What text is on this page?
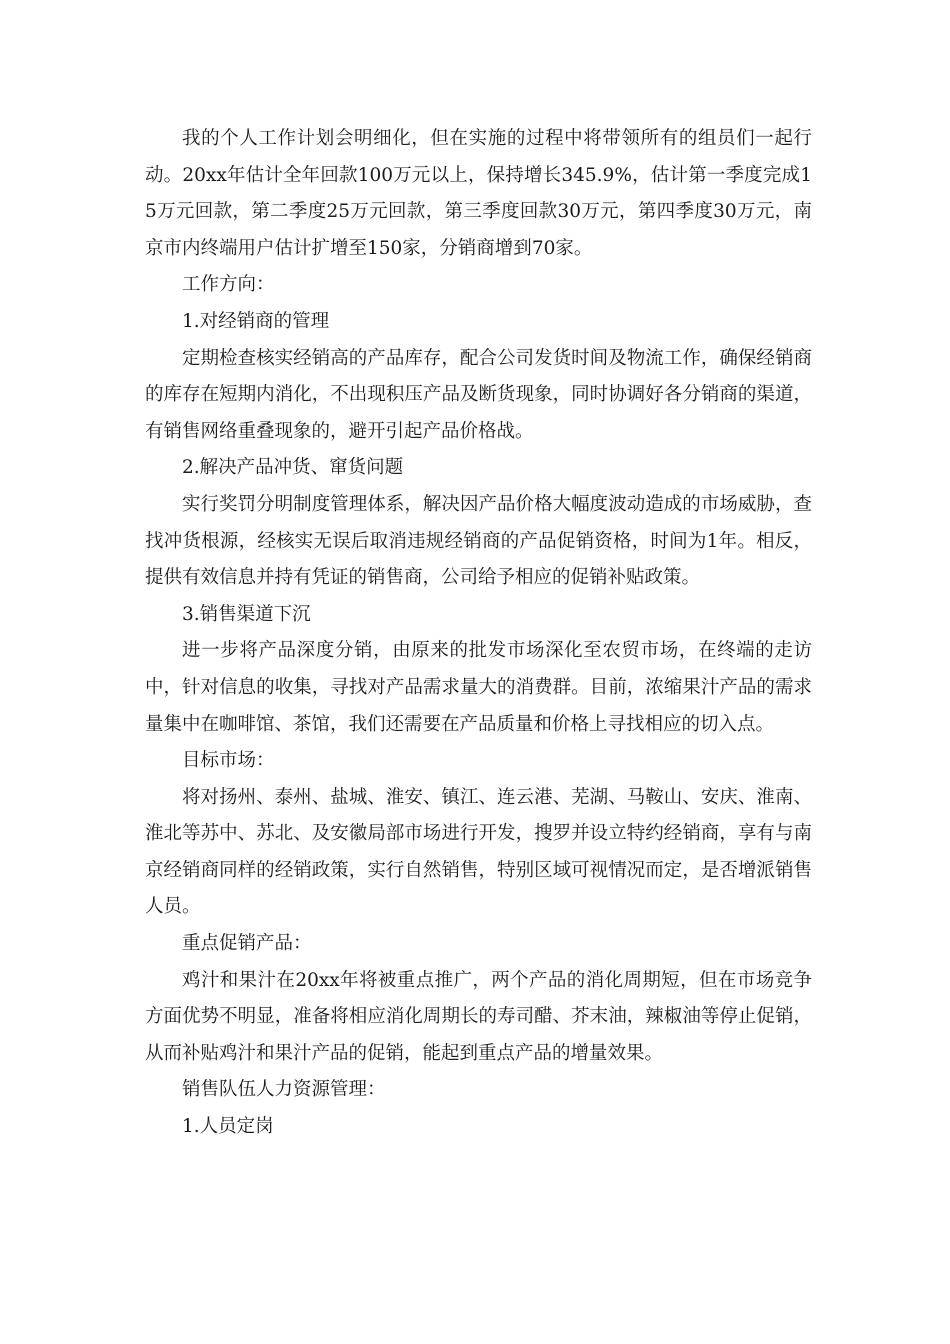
我的个人工作计划会明细化，但在实施的过程中将带领所有的组员们一起行动。20xx年估计全年回款100万元以上，保持增长345.9%，估计第一季度完成15万元回款，第二季度25万元回款，第三季度回款30万元，第四季度30万元，南京市内终端用户估计扩增至150家，分销商增到70家。

工作方向：

1.对经销商的管理

定期检查核实经销高的产品库存，配合公司发货时间及物流工作，确保经销商的库存在短期内消化，不出现积压产品及断货现象，同时协调好各分销商的渠道，有销售网络重叠现象的，避开引起产品价格战。

2.解决产品冲货、窜货问题

实行奖罚分明制度管理体系，解决因产品价格大幅度波动造成的市场威胁，查找冲货根源，经核实无误后取消违规经销商的产品促销资格，时间为1年。相反，提供有效信息并持有凭证的销售商，公司给予相应的促销补贴政策。

3.销售渠道下沉

进一步将产品深度分销，由原来的批发市场深化至农贸市场，在终端的走访中，针对信息的收集，寻找对产品需求量大的消费群。目前，浓缩果汁产品的需求量集中在咖啡馆、茶馆，我们还需要在产品质量和价格上寻找相应的切入点。

目标市场：

将对扬州、泰州、盐城、淮安、镇江、连云港、芜湖、马鞍山、安庆、淮南、淮北等苏中、苏北、及安徽局部市场进行开发，搜罗并设立特约经销商，享有与南京经销商同样的经销政策，实行自然销售，特别区域可视情况而定，是否增派销售人员。

重点促销产品：

鸡汁和果汁在20xx年将被重点推广，两个产品的消化周期短，但在市场竞争方面优势不明显，准备将相应消化周期长的寿司醋、芥末油，辣椒油等停止促销，从而补贴鸡汁和果汁产品的促销，能起到重点产品的增量效果。

销售队伍人力资源管理：

1.人员定岗
